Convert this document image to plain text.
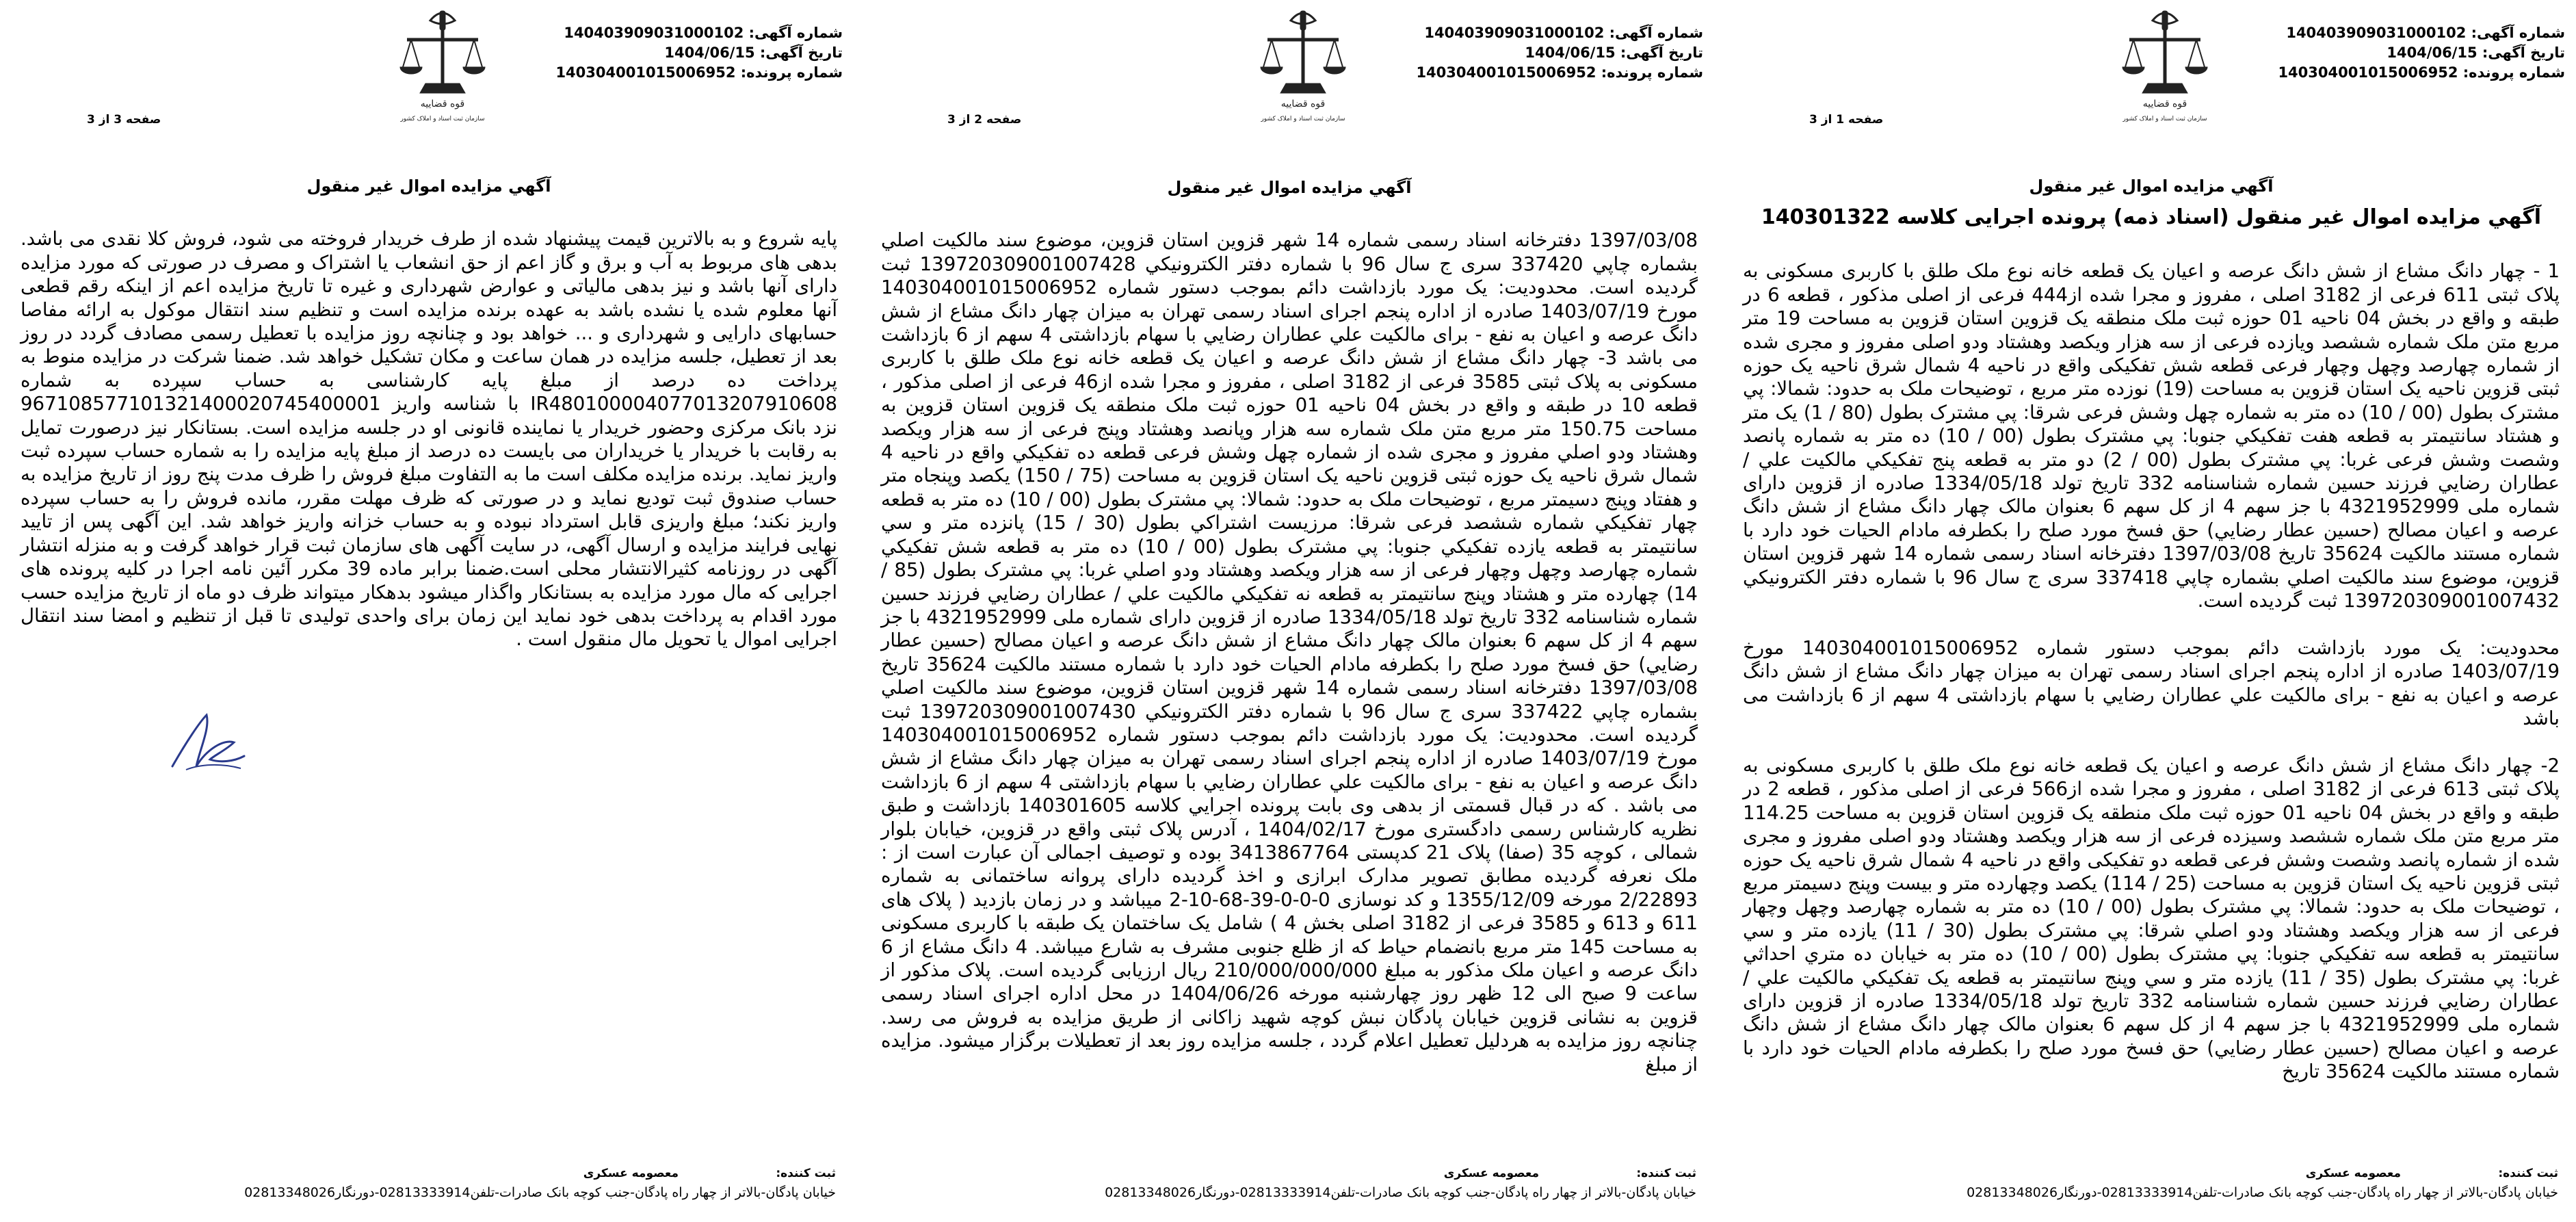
شماره آگهی: 140403909031000102
تاریخ آگهی: 1404/06/15
شماره پرونده: 140304001015006952
قوه قضاییه
سازمان ثبت اسناد و املاک کشور
صفحه 1 از 3
آگهي مزايده اموال غير منقول
آگهي مزايده اموال غير منقول (اسناد ذمه) پرونده اجرايی كلاسه 140301322

1 - چهار دانگ مشاع از شش دانگ عرصه و اعيان يک قطعه خانه نوع ملک طلق با كاربری مسكونی به پلاک ثبتی 611 فرعی از 3182 اصلی ، مفروز و مجرا شده از444 فرعی از اصلی مذكور ، قطعه 6 در طبقه و واقع در بخش 04 ناحيه 01 حوزه ثبت ملک منطقه يک قزوين استان قزوين به مساحت 19 متر مربع متن ملک شماره ششصد ويازده فرعی از سه هزار ويكصد وهشتاد ودو اصلی مفروز و مجری شده از شماره چهارصد وچهل وچهار فرعی قطعه شش تفكيكی واقع در ناحيه 4 شمال شرق ناحيه يک حوزه ثبتی قزوين ناحيه يک استان قزوين به مساحت (19) نوزده متر مربع ، توضيحات ملک به حدود: شمالا: پي مشترک بطول (00 / 10) ده متر به شماره چهل وشش فرعی شرقا: پي مشترک بطول (80 / 1) يک متر و هشتاد سانتيمتر به قطعه هفت تفكيكي جنوبا: پي مشترک بطول (00 / 10) ده متر به شماره پانصد وشصت وشش فرعی غربا: پي مشترک بطول (00 / 2) دو متر به قطعه پنج تفكيكي مالكيت علي / عطاران رضايي فرزند حسين شماره شناسنامه 332 تاريخ تولد 1334/05/18 صادره از قزوين دارای شماره ملی 4321952999 با جز سهم 4 از کل سهم 6 بعنوان مالک چهار دانگ مشاع از شش دانگ عرصه و اعيان مصالح (حسين عطار رضايي) حق فسخ مورد صلح را بكطرفه مادام الحيات خود دارد با شماره مستند مالكيت 35624 تاريخ 1397/03/08 دفترخانه اسناد رسمی شماره 14 شهر قزوين استان قزوين، موضوع سند مالكيت اصلي بشماره چاپي 337418 سری ج سال 96 با شماره دفتر الكترونيكي 139720309001007432 ثبت گرديده است.

محدوديت: يک مورد بازداشت دائم بموجب دستور شماره 140304001015006952 مورخ 1403/07/19 صادره از اداره پنجم اجرای اسناد رسمی تهران به ميزان چهار دانگ مشاع از شش دانگ عرصه و اعيان به نفع - برای مالكيت علي عطاران رضايي با سهام بازداشتی 4 سهم از 6 بازداشت می باشد

2- چهار دانگ مشاع از شش دانگ عرصه و اعيان يک قطعه خانه نوع ملک طلق با كاربری مسكونی به پلاک ثبتی 613 فرعی از 3182 اصلی ، مفروز و مجرا شده از566 فرعی از اصلی مذكور ، قطعه 2 در طبقه و واقع در بخش 04 ناحيه 01 حوزه ثبت ملک منطقه يک قزوين استان قزوين به مساحت 114.25 متر مربع متن ملک شماره ششصد وسيزده فرعی از سه هزار ويكصد وهشتاد ودو اصلی مفروز و مجری شده از شماره پانصد وشصت وشش فرعی قطعه دو تفكيكی واقع در ناحيه 4 شمال شرق ناحيه يک حوزه ثبتی قزوين ناحيه يک استان قزوين به مساحت (25 / 114) يكصد وچهارده متر و بيست وپنج دسيمتر مربع ، توضيحات ملک به حدود: شمالا: پي مشترک بطول (00 / 10) ده متر به شماره چهارصد وچهل وچهار فرعی از سه هزار ويكصد وهشتاد ودو اصلي شرقا: پي مشترک بطول (30 / 11) يازده متر و سي سانتيمتر به قطعه سه تفكيكي جنوبا: پي مشترک بطول (00 / 10) ده متر به خيابان ده متري احداثي غربا: پي مشترک بطول (35 / 11) يازده متر و سي وپنج سانتيمتر به قطعه يک تفكيكي مالكيت علي / عطاران رضايي فرزند حسين شماره شناسنامه 332 تاريخ تولد 1334/05/18 صادره از قزوين دارای شماره ملی 4321952999 با جز سهم 4 از کل سهم 6 بعنوان مالک چهار دانگ مشاع از شش دانگ عرصه و اعيان مصالح (حسين عطار رضايي) حق فسخ مورد صلح را بكطرفه مادام الحيات خود دارد با شماره مستند مالكيت 35624 تاريخ

ثبت كننده:
معصومه عسكری
خيابان پادگان-بالاتر از چهار راه پادگان-جنب كوچه بانک صادرات-تلفن02813333914-دورنگار02813348026
شماره آگهی: 140403909031000102
تاریخ آگهی: 1404/06/15
شماره پرونده: 140304001015006952
قوه قضاییه
سازمان ثبت اسناد و املاک کشور
صفحه 2 از 3
آگهي مزايده اموال غير منقول

1397/03/08 دفترخانه اسناد رسمی شماره 14 شهر قزوين استان قزوين، موضوع سند مالكيت اصلي بشماره چاپي 337420 سری ج سال 96 با شماره دفتر الكترونيكي 139720309001007428 ثبت گرديده است. محدوديت: يک مورد بازداشت دائم بموجب دستور شماره 140304001015006952 مورخ 1403/07/19 صادره از اداره پنجم اجرای اسناد رسمی تهران به ميزان چهار دانگ مشاع از شش دانگ عرصه و اعيان به نفع - برای مالكيت علي عطاران رضايي با سهام بازداشتی 4 سهم از 6 بازداشت می باشد 3- چهار دانگ مشاع از شش دانگ عرصه و اعيان يک قطعه خانه نوع ملک طلق با كاربری مسكونی به پلاک ثبتی 3585 فرعی از 3182 اصلی ، مفروز و مجرا شده از46 فرعی از اصلی مذكور ، قطعه 10 در طبقه و واقع در بخش 04 ناحيه 01 حوزه ثبت ملک منطقه يک قزوين استان قزوين به مساحت 150.75 متر مربع متن ملک شماره سه هزار وپانصد وهشتاد وپنج فرعی از سه هزار ويكصد وهشتاد ودو اصلي مفروز و مجری شده از شماره چهل وشش فرعی قطعه ده تفكيكي واقع در ناحيه 4 شمال شرق ناحيه يک حوزه ثبتی قزوين ناحيه يک استان قزوين به مساحت (75 / 150) يكصد وپنجاه متر و هفتاد وپنج دسيمتر مربع ، توضيحات ملک به حدود: شمالا: پي مشترک بطول (00 / 10) ده متر به قطعه چهار تفكيكي شماره ششصد فرعی شرقا: مرزيست اشتراكي بطول (30 / 15) پانزده متر و سي سانتيمتر به قطعه يازده تفكيكي جنوبا: پي مشترک بطول (00 / 10) ده متر به قطعه شش تفكيكي شماره چهارصد وچهل وچهار فرعی از سه هزار ويكصد وهشتاد ودو اصلي غربا: پي مشترک بطول (85 / 14) چهارده متر و هشتاد وپنج سانتيمتر به قطعه نه تفكيكي مالكيت علي / عطاران رضايي فرزند حسين شماره شناسنامه 332 تاريخ تولد 1334/05/18 صادره از قزوين دارای شماره ملی 4321952999 با جز سهم 4 از کل سهم 6 بعنوان مالک چهار دانگ مشاع از شش دانگ عرصه و اعيان مصالح (حسين عطار رضايي) حق فسخ مورد صلح را بكطرفه مادام الحيات خود دارد با شماره مستند مالكيت 35624 تاريخ 1397/03/08 دفترخانه اسناد رسمی شماره 14 شهر قزوين استان قزوين، موضوع سند مالكيت اصلي بشماره چاپي 337422 سری ج سال 96 با شماره دفتر الكترونيكي 139720309001007430 ثبت گرديده است. محدوديت: يک مورد بازداشت دائم بموجب دستور شماره 140304001015006952 مورخ 1403/07/19 صادره از اداره پنجم اجرای اسناد رسمی تهران به ميزان چهار دانگ مشاع از شش دانگ عرصه و اعيان به نفع - برای مالكيت علي عطاران رضايي با سهام بازداشتی 4 سهم از 6 بازداشت می باشد . كه در قبال قسمتی از بدهی وی بابت پرونده اجرايي كلاسه 140301605 بازداشت و طبق نظريه كارشناس رسمی دادگستری مورخ 1404/02/17 ، آدرس پلاک ثبتی واقع در قزوين، خيابان بلوار شمالی ، كوچه 35 (صفا) پلاک 21 كدپستی 3413867764 بوده و توصيف اجمالی آن عبارت است از : ملک نعرفه گرديده مطابق تصوير مدارک ابرازی و اخذ گرديده دارای پروانه ساختمانی به شماره 2/22893 مورخه 1355/12/09 و كد نوسازی 0-0-0-39-68-10-2 ميباشد و در زمان بازديد ( پلاک های 611 و 613 و 3585 فرعی از 3182 اصلی بخش 4 ) شامل يک ساختمان يک طبقه با كاربری مسكونی به مساحت 145 متر مربع بانضمام حياط كه از ظلع جنوبی مشرف به شارع ميباشد. 4 دانگ مشاع از 6 دانگ عرصه و اعيان ملک مذكور به مبلغ 210/000/000/000 ريال ارزيابی گرديده است. پلاک مذكور از ساعت 9 صبح الی 12 ظهر روز چهارشنبه مورخه 1404/06/26 در محل اداره اجرای اسناد رسمی قزوين به نشانی قزوين خيابان پادگان نبش كوچه شهيد زاكانی از طريق مزايده به فروش می رسد. چنانچه روز مزايده به هردليل تعطيل اعلام گردد ، جلسه مزايده روز بعد از تعطيلات برگزار ميشود. مزايده از مبلغ

ثبت كننده:
معصومه عسكری
خيابان پادگان-بالاتر از چهار راه پادگان-جنب كوچه بانک صادرات-تلفن02813333914-دورنگار02813348026
شماره آگهی: 140403909031000102
تاریخ آگهی: 1404/06/15
شماره پرونده: 140304001015006952
قوه قضاییه
سازمان ثبت اسناد و املاک کشور
صفحه 3 از 3
آگهي مزايده اموال غير منقول

پايه شروع و به بالاترين قيمت پيشنهاد شده از طرف خريدار فروخته می شود، فروش كلا نقدی می باشد. بدهی های مربوط به آب و برق و گاز اعم از حق انشعاب يا اشتراک و مصرف در صورتی كه مورد مزايده دارای آنها باشد و نيز بدهی مالياتی و عوارض شهرداری و غيره تا تاريخ مزايده اعم از اينكه رقم قطعی آنها معلوم شده يا نشده باشد به عهده برنده مزايده است و تنظيم سند انتقال موكول به ارائه مفاصا حسابهای دارايی و شهرداری و ... خواهد بود و چنانچه روز مزايده با تعطيل رسمی مصادف گردد در روز بعد از تعطيل، جلسه مزايده در همان ساعت و مكان تشكيل خواهد شد. ضمنا شركت در مزايده منوط به پرداخت ده درصد از مبلغ پايه كارشناسی به حساب سپرده به شماره IR480100004077013207910608 با شناسه واريز 967108577101321400020745400001 نزد بانک مركزی وحضور خريدار يا نماينده قانونی او در جلسه مزايده است. بستانكار نيز درصورت تمايل به رقابت با خريدار يا خريداران می بايست ده درصد از مبلغ پايه مزايده را به شماره حساب سپرده ثبت واريز نمايد. برنده مزايده مكلف است ما به التفاوت مبلغ فروش را ظرف مدت پنج روز از تاريخ مزايده به حساب صندوق ثبت توديع نمايد و در صورتی كه ظرف مهلت مقرر، مانده فروش را به حساب سپرده واريز نكند؛ مبلغ واريزی قابل استرداد نبوده و به حساب خزانه واريز خواهد شد. اين آگهی پس از تاييد نهايی فرايند مزايده و ارسال آگهی، در سايت آگهی های سازمان ثبت قرار خواهد گرفت و به منزله انتشار آگهی در روزنامه كثيرالانتشار محلی است.ضمنا برابر ماده 39 مكرر آئين نامه اجرا در كليه پرونده های اجرايی كه مال مورد مزايده به بستانكار واگذار ميشود بدهكار ميتواند ظرف دو ماه از تاريخ مزايده حسب مورد اقدام به پرداخت بدهی خود نمايد اين زمان برای واحدی توليدی تا قبل از تنظيم و امضا سند انتقال اجرايی اموال يا تحويل مال منقول است .

ثبت كننده:
معصومه عسكری
خيابان پادگان-بالاتر از چهار راه پادگان-جنب كوچه بانک صادرات-تلفن02813333914-دورنگار02813348026
